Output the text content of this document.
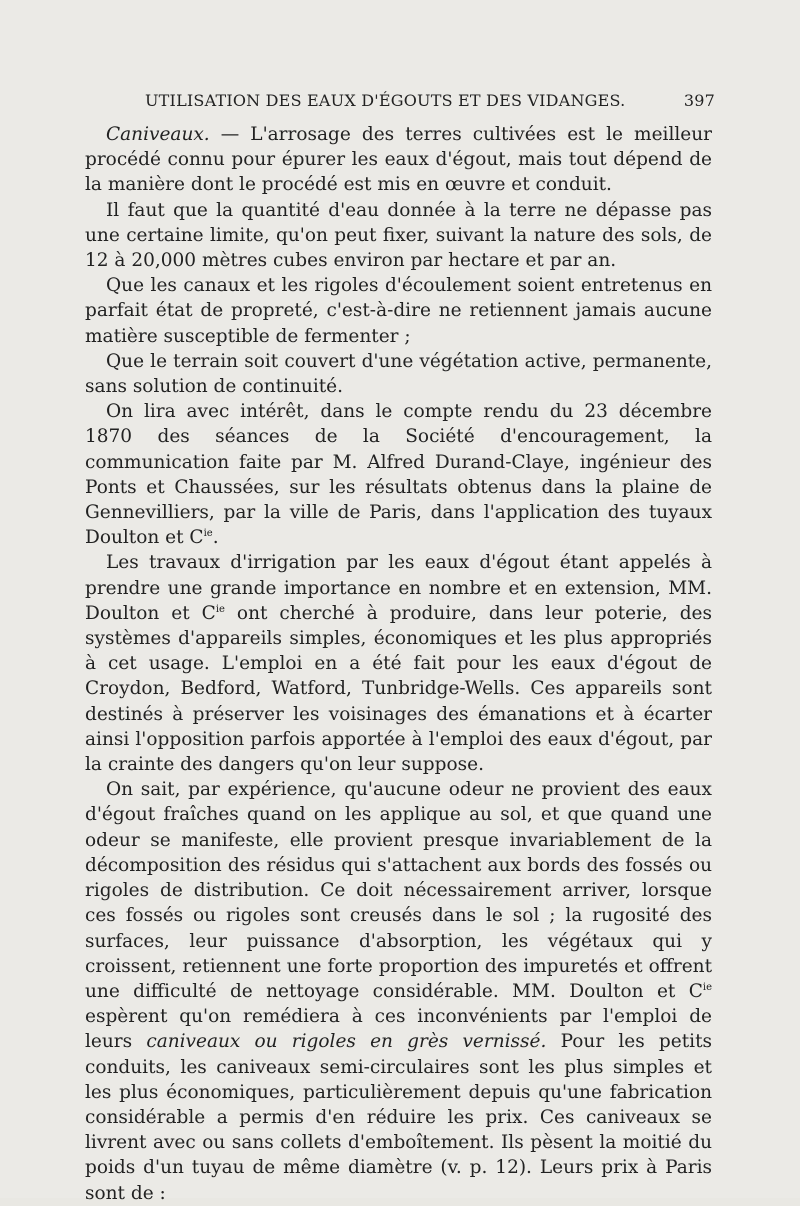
UTILISATION DES EAUX D'ÉGOUTS ET DES VIDANGES.	397

Caniveaux. — L'arrosage des terres cultivées est le meilleur procédé connu pour épurer les eaux d'égout, mais tout dépend de la manière dont le procédé est mis en œuvre et conduit.

Il faut que la quantité d'eau donnée à la terre ne dépasse pas une certaine limite, qu'on peut fixer, suivant la nature des sols, de 12 à 20,000 mètres cubes environ par hectare et par an.

Que les canaux et les rigoles d'écoulement soient entretenus en parfait état de propreté, c'est-à-dire ne retiennent jamais aucune matière susceptible de fermenter ;

Que le terrain soit couvert d'une végétation active, permanente, sans solution de continuité.

On lira avec intérêt, dans le compte rendu du 23 décembre 1870 des séances de la Société d'encouragement, la communication faite par M. Alfred Durand-Claye, ingénieur des Ponts et Chaussées, sur les résultats obtenus dans la plaine de Gennevilliers, par la ville de Paris, dans l'application des tuyaux Doulton et $C^{ie}$.

Les travaux d'irrigation par les eaux d'égout étant appelés à prendre une grande importance en nombre et en extension, MM. Doulton et $C^{ie}$ ont cherché à produire, dans leur poterie, des systèmes d'appareils simples, économiques et les plus appropriés à cet usage. L'emploi en a été fait pour les eaux d'égout de Croydon, Bedford, Watford, Tunbridge-Wells. Ces appareils sont destinés à préserver les voisinages des émanations et à écarter ainsi l'opposition parfois apportée à l'emploi des eaux d'égout, par la crainte des dangers qu'on leur suppose.

On sait, par expérience, qu'aucune odeur ne provient des eaux d'égout fraîches quand on les applique au sol, et que quand une odeur se manifeste, elle provient presque invariablement de la décomposition des résidus qui s'attachent aux bords des fossés ou rigoles de distribution. Ce doit nécessairement arriver, lorsque ces fossés ou rigoles sont creusés dans le sol ; la rugosité des surfaces, leur puissance d'absorption, les végétaux qui y croissent, retiennent une forte proportion des impuretés et offrent une difficulté de nettoyage considérable. MM. Doulton et $C^{ie}$ espèrent qu'on remédiera à ces inconvénients par l'emploi de leurs caniveaux ou rigoles en grès vernissé. Pour les petits conduits, les caniveaux semi-circulaires sont les plus simples et les plus économiques, particulièrement depuis qu'une fabrication considérable a permis d'en réduire les prix. Ces caniveaux se livrent avec ou sans collets d'emboîtement. Ils pèsent la moitié du poids d'un tuyau de même diamètre (v. p. 12). Leurs prix à Paris sont de :
